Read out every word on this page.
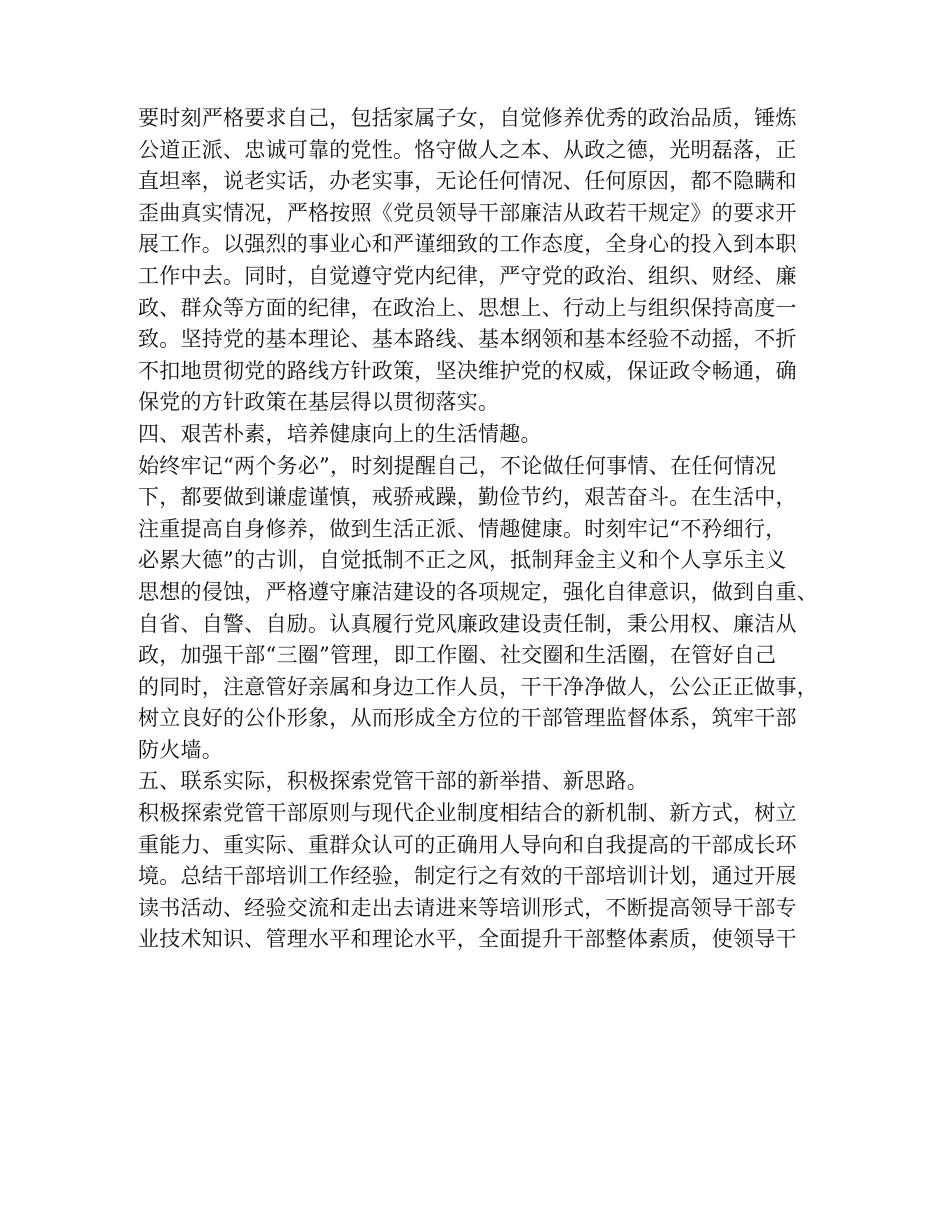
要时刻严格要求自己，包括家属子女，自觉修养优秀的政治品质，锤炼
公道正派、忠诚可靠的党性。恪守做人之本、从政之德，光明磊落，正
直坦率，说老实话，办老实事，无论任何情况、任何原因，都不隐瞒和
歪曲真实情况，严格按照《党员领导干部廉洁从政若干规定》的要求开
展工作。以强烈的事业心和严谨细致的工作态度，全身心的投入到本职
工作中去。同时，自觉遵守党内纪律，严守党的政治、组织、财经、廉
政、群众等方面的纪律，在政治上、思想上、行动上与组织保持高度一
致。坚持党的基本理论、基本路线、基本纲领和基本经验不动摇，不折
不扣地贯彻党的路线方针政策，坚决维护党的权威，保证政令畅通，确
保党的方针政策在基层得以贯彻落实。
四、艰苦朴素，培养健康向上的生活情趣。
始终牢记“两个务必”，时刻提醒自己，不论做任何事情、在任何情况
下，都要做到谦虚谨慎，戒骄戒躁，勤俭节约，艰苦奋斗。在生活中，
注重提高自身修养，做到生活正派、情趣健康。时刻牢记“不矜细行，
必累大德”的古训，自觉抵制不正之风，抵制拜金主义和个人享乐主义
思想的侵蚀，严格遵守廉洁建设的各项规定，强化自律意识，做到自重、
自省、自警、自励。认真履行党风廉政建设责任制，秉公用权、廉洁从
政，加强干部“三圈”管理，即工作圈、社交圈和生活圈，在管好自己
的同时，注意管好亲属和身边工作人员，干干净净做人，公公正正做事，
树立良好的公仆形象，从而形成全方位的干部管理监督体系，筑牢干部
防火墙。
五、联系实际，积极探索党管干部的新举措、新思路。
积极探索党管干部原则与现代企业制度相结合的新机制、新方式，树立
重能力、重实际、重群众认可的正确用人导向和自我提高的干部成长环
境。总结干部培训工作经验，制定行之有效的干部培训计划，通过开展
读书活动、经验交流和走出去请进来等培训形式，不断提高领导干部专
业技术知识、管理水平和理论水平，全面提升干部整体素质，使领导干
